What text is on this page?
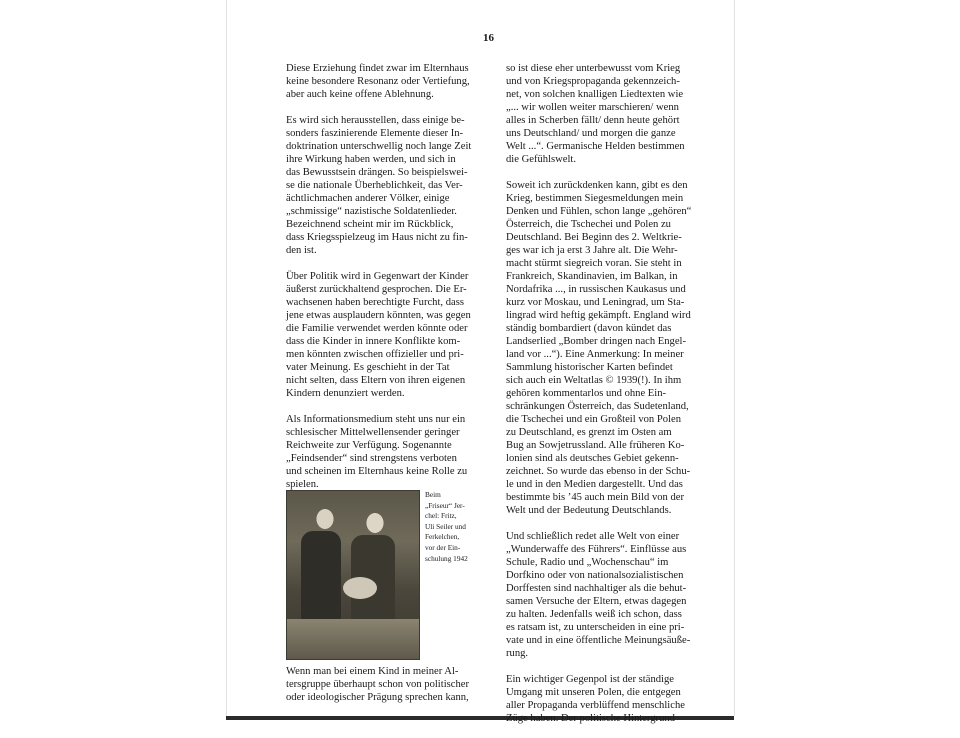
16

Diese Erziehung findet zwar im Elternhaus
keine besondere Resonanz oder Vertiefung,
aber auch keine offene Ablehnung.

Es wird sich herausstellen, dass einige be-
sonders faszinierende Elemente dieser In-
doktrination unterschwellig noch lange Zeit
ihre Wirkung haben werden, und sich in
das Bewusstsein drängen. So beispielswei-
se die nationale Überheblichkeit, das Ver-
ächtlichmachen anderer Völker, einige
„schmissige“ nazistische Soldatenlieder.
Bezeichnend scheint mir im Rückblick,
dass Kriegsspielzeug im Haus nicht zu fin-
den ist.

Über Politik wird in Gegenwart der Kinder
äußerst zurückhaltend gesprochen. Die Er-
wachsenen haben berechtigte Furcht, dass
jene etwas ausplaudern könnten, was gegen
die Familie verwendet werden könnte oder
dass die Kinder in innere Konflikte kom-
men könnten zwischen offizieller und pri-
vater Meinung. Es geschieht in der Tat
nicht selten, dass Eltern von ihren eigenen
Kindern denunziert werden.

Als Informationsmedium steht uns nur ein
schlesischer Mittelwellensender geringer
Reichweite zur Verfügung. Sogenannte
„Feindsender“ sind strengstens verboten
und scheinen im Elternhaus keine Rolle zu
spielen.

Beim
„Friseur“ Jer-
chel: Fritz,
Uli Seiler und
Ferkelchen,
vor der Ein-
schulung 1942

Wenn man bei einem Kind in meiner Al-
tersgruppe überhaupt schon von politischer
oder ideologischer Prägung sprechen kann,

so ist diese eher unterbewusst vom Krieg
und von Kriegspropaganda gekennzeich-
net, von solchen knalligen Liedtexten wie
„... wir wollen weiter marschieren/ wenn
alles in Scherben fällt/ denn heute gehört
uns Deutschland/ und morgen die ganze
Welt ...“. Germanische Helden bestimmen
die Gefühlswelt.

Soweit ich zurückdenken kann, gibt es den
Krieg, bestimmen Siegesmeldungen mein
Denken und Fühlen, schon lange „gehören“
Österreich, die Tschechei und Polen zu
Deutschland. Bei Beginn des 2. Weltkrie-
ges war ich ja erst 3 Jahre alt. Die Wehr-
macht stürmt siegreich voran. Sie steht in
Frankreich, Skandinavien, im Balkan, in
Nordafrika ..., in russischen Kaukasus und
kurz vor Moskau, und Leningrad, um Sta-
lingrad wird heftig gekämpft. England wird
ständig bombardiert (davon kündet das
Landserlied „Bomber dringen nach Engel-
land vor ...“). Eine Anmerkung: In meiner
Sammlung historischer Karten befindet
sich auch ein Weltatlas © 1939(!). In ihm
gehören kommentarlos und ohne Ein-
schränkungen Österreich, das Sudetenland,
die Tschechei und ein Großteil von Polen
zu Deutschland, es grenzt im Osten am
Bug an Sowjetrussland. Alle früheren Ko-
lonien sind als deutsches Gebiet gekenn-
zeichnet. So wurde das ebenso in der Schu-
le und in den Medien dargestellt. Und das
bestimmte bis ’45 auch mein Bild von der
Welt und der Bedeutung Deutschlands.

Und schließlich redet alle Welt von einer
„Wunderwaffe des Führers“. Einflüsse aus
Schule, Radio und „Wochenschau“ im
Dorfkino oder von nationalsozialistischen
Dorffesten sind nachhaltiger als die behut-
samen Versuche der Eltern, etwas dagegen
zu halten. Jedenfalls weiß ich schon, dass
es ratsam ist, zu unterscheiden in eine pri-
vate und in eine öffentliche Meinungsäuße-
rung.

Ein wichtiger Gegenpol ist der ständige
Umgang mit unseren Polen, die entgegen
aller Propaganda verblüffend menschliche
Züge haben. Der politische Hintergrund
